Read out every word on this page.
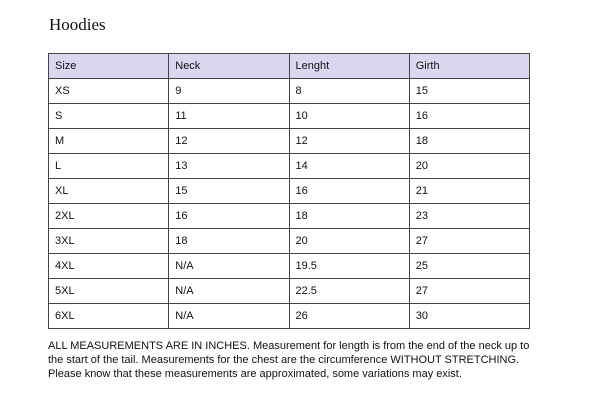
Hoodies
Size	Neck	Lenght	Girth
XS	9	8	15
S	11	10	16
M	12	12	18
L	13	14	20
XL	15	16	21
2XL	16	18	23
3XL	18	20	27
4XL	N/A	19.5	25
5XL	N/A	22.5	27
6XL	N/A	26	30

ALL MEASUREMENTS ARE IN INCHES. Measurement for length is from the end of the neck up to the start of the tail. Measurements for the chest are the circumference WITHOUT STRETCHING. Please know that these measurements are approximated, some variations may exist.
